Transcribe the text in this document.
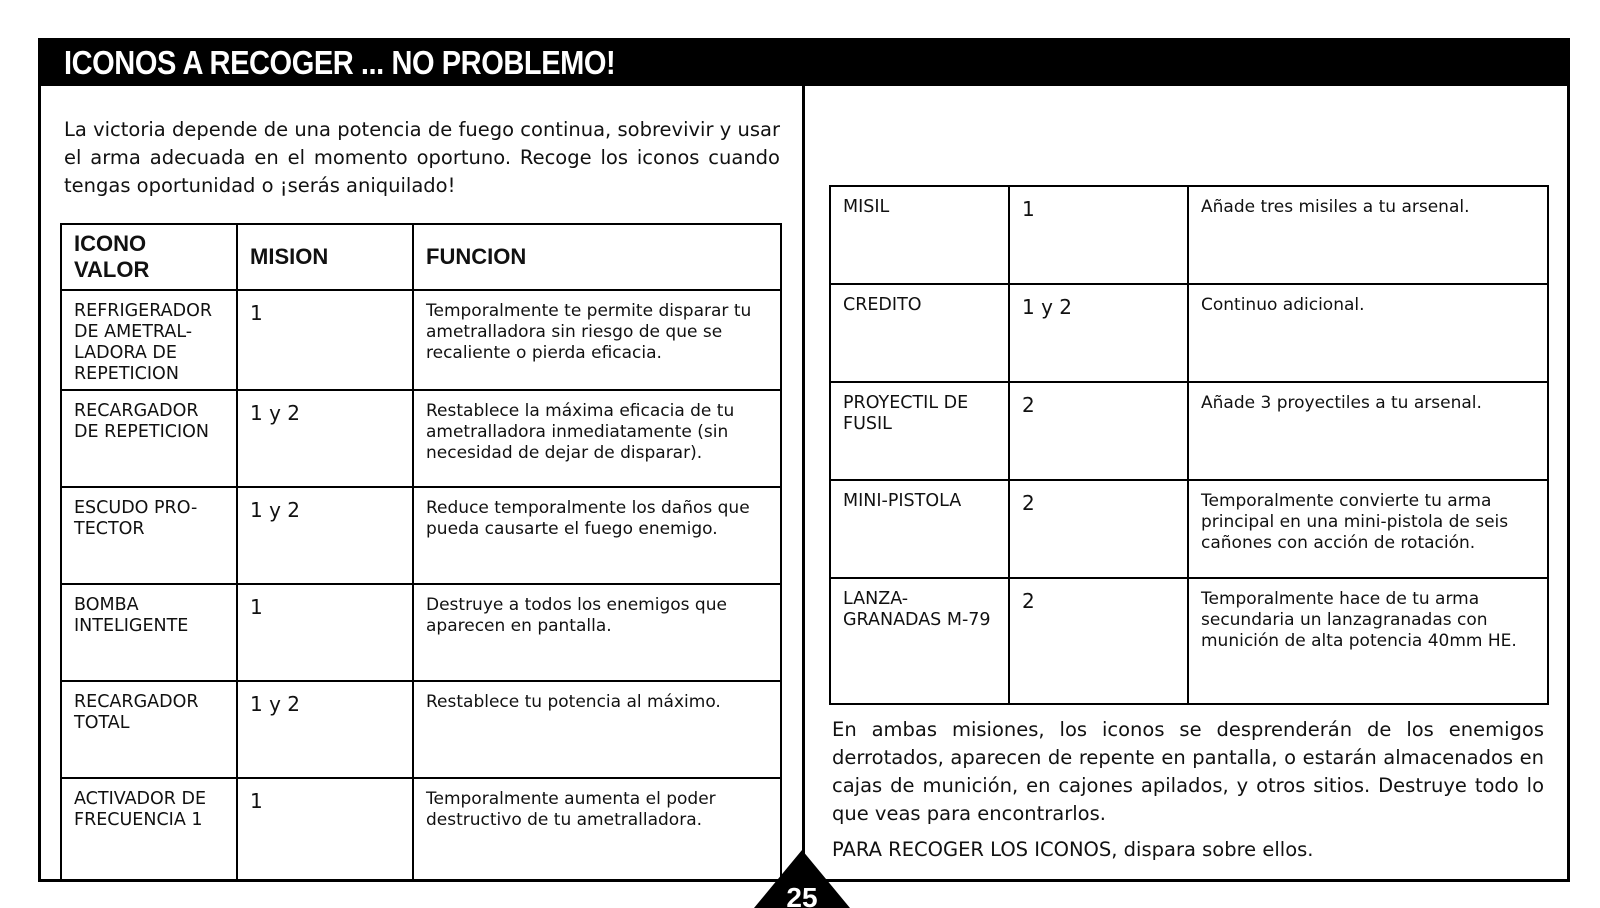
ICONOS A RECOGER ... NO PROBLEMO!

La victoria depende de una potencia de fuego continua, sobrevivir y usar el arma adecuada en el momento oportuno. Recoge los iconos cuando tengas oportunidad o ¡serás aniquilado!

ICONO VALOR	MISION	FUNCION
REFRIGERADOR DE AMETRAL-LADORA DE REPETICION	1	Temporalmente te permite disparar tu ametralladora sin riesgo de que se recaliente o pierda eficacia.
RECARGADOR DE REPETICION	1 y 2	Restablece la máxima eficacia de tu ametralladora inmediatamente (sin necesidad de dejar de disparar).
ESCUDO PRO-TECTOR	1 y 2	Reduce temporalmente los daños que pueda causarte el fuego enemigo.
BOMBA INTELIGENTE	1	Destruye a todos los enemigos que aparecen en pantalla.
RECARGADOR TOTAL	1 y 2	Restablece tu potencia al máximo.
ACTIVADOR DE FRECUENCIA 1	1	Temporalmente aumenta el poder destructivo de tu ametralladora.
MISIL	1	Añade tres misiles a tu arsenal.
CREDITO	1 y 2	Continuo adicional.
PROYECTIL DE FUSIL	2	Añade 3 proyectiles a tu arsenal.
MINI-PISTOLA	2	Temporalmente convierte tu arma principal en una mini-pistola de seis cañones con acción de rotación.
LANZA-GRANADAS M-79	2	Temporalmente hace de tu arma secundaria un lanzagranadas con munición de alta potencia 40mm HE.

En ambas misiones, los iconos se desprenderán de los enemigos derrotados, aparecen de repente en pantalla, o estarán almacenados en cajas de munición, en cajones apilados, y otros sitios. Destruye todo lo que veas para encontrarlos.

PARA RECOGER LOS ICONOS, dispara sobre ellos.

25
